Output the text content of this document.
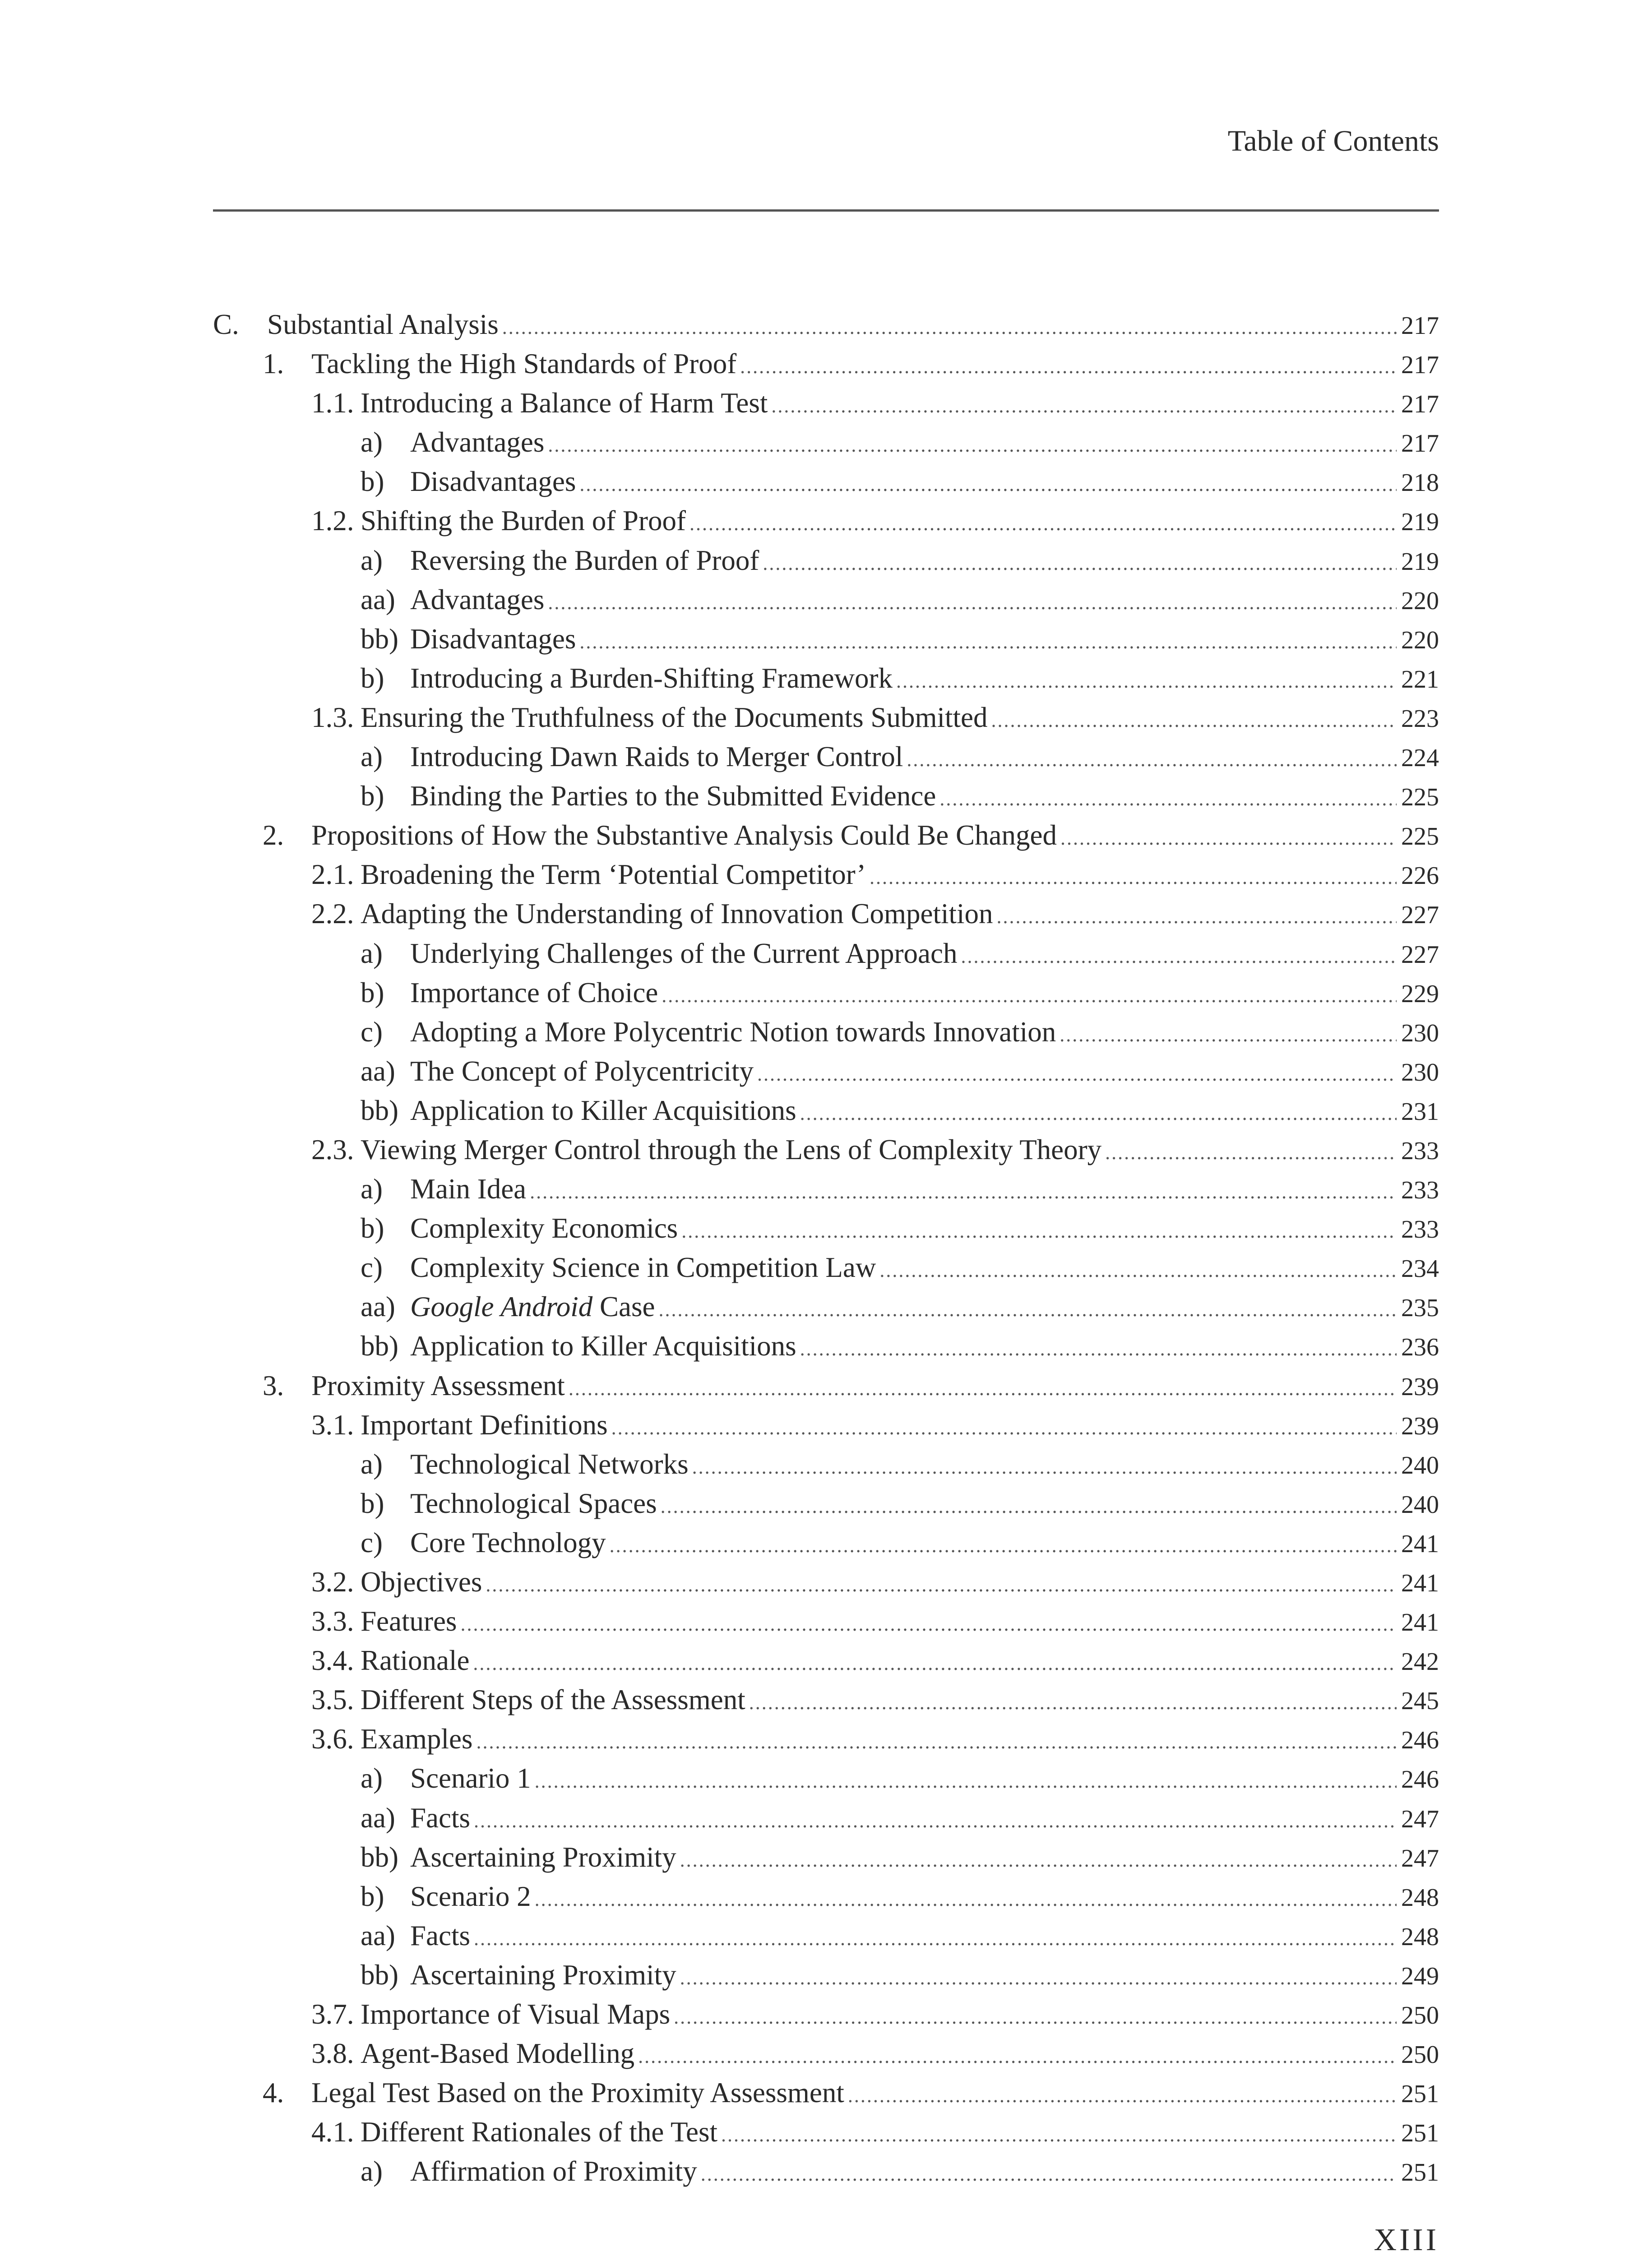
Table of Contents
C. Substantial Analysis .....	217
1. Tackling the High Standards of Proof .....	217
1.1. Introducing a Balance of Harm Test .....	217
a) Advantages .....	217
b) Disadvantages .....	218
1.2. Shifting the Burden of Proof .....	219
a) Reversing the Burden of Proof .....	219
aa) Advantages .....	220
bb) Disadvantages .....	220
b) Introducing a Burden-Shifting Framework .....	221
1.3. Ensuring the Truthfulness of the Documents Submitted .....	223
a) Introducing Dawn Raids to Merger Control .....	224
b) Binding the Parties to the Submitted Evidence .....	225
2. Propositions of How the Substantive Analysis Could Be Changed .....	225
2.1. Broadening the Term ‘Potential Competitor’ .....	226
2.2. Adapting the Understanding of Innovation Competition .....	227
a) Underlying Challenges of the Current Approach .....	227
b) Importance of Choice .....	229
c) Adopting a More Polycentric Notion towards Innovation .....	230
aa) The Concept of Polycentricity .....	230
bb) Application to Killer Acquisitions .....	231
2.3. Viewing Merger Control through the Lens of Complexity Theory .....	233
a) Main Idea .....	233
b) Complexity Economics .....	233
c) Complexity Science in Competition Law .....	234
aa) Google Android Case .....	235
bb) Application to Killer Acquisitions .....	236
3. Proximity Assessment .....	239
3.1. Important Definitions .....	239
a) Technological Networks .....	240
b) Technological Spaces .....	240
c) Core Technology .....	241
3.2. Objectives .....	241
3.3. Features .....	241
3.4. Rationale .....	242
3.5. Different Steps of the Assessment .....	245
3.6. Examples .....	246
a) Scenario 1 .....	246
aa) Facts .....	247
bb) Ascertaining Proximity .....	247
b) Scenario 2 .....	248
aa) Facts .....	248
bb) Ascertaining Proximity .....	249
3.7. Importance of Visual Maps .....	250
3.8. Agent-Based Modelling .....	250
4. Legal Test Based on the Proximity Assessment .....	251
4.1. Different Rationales of the Test .....	251
a) Affirmation of Proximity .....	251
XIII
